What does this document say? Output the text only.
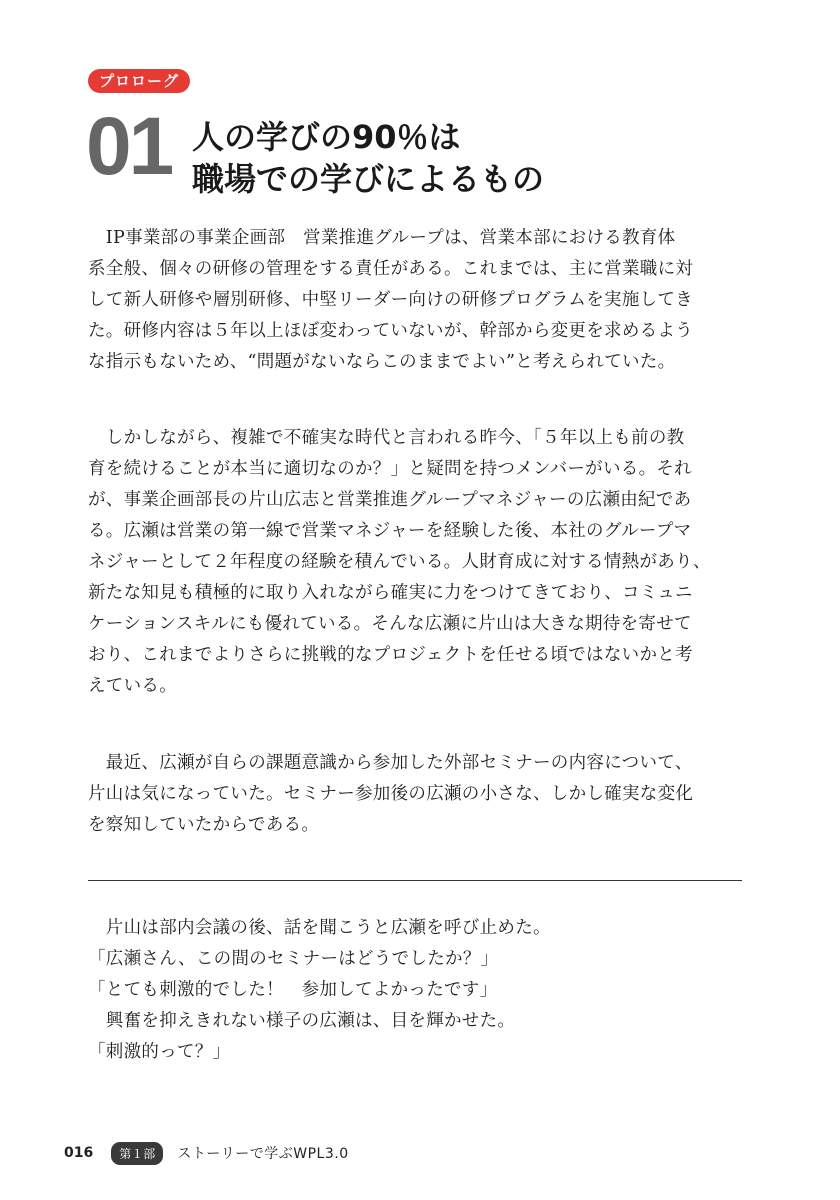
プロローグ
01 人の学びの90％は
職場での学びによるもの
　IP事業部の事業企画部　営業推進グループは、営業本部における教育体
系全般、個々の研修の管理をする責任がある。これまでは、主に営業職に対
して新人研修や層別研修、中堅リーダー向けの研修プログラムを実施してき
た。研修内容は５年以上ほぼ変わっていないが、幹部から変更を求めるよう
な指示もないため、“問題がないならこのままでよい”と考えられていた。
　しかしながら、複雑で不確実な時代と言われる昨今、「５年以上も前の教
育を続けることが本当に適切なのか？」と疑問を持つメンバーがいる。それ
が、事業企画部長の片山広志と営業推進グループマネジャーの広瀬由紀であ
る。広瀬は営業の第一線で営業マネジャーを経験した後、本社のグループマ
ネジャーとして２年程度の経験を積んでいる。人財育成に対する情熱があり、
新たな知見も積極的に取り入れながら確実に力をつけてきており、コミュニ
ケーションスキルにも優れている。そんな広瀬に片山は大きな期待を寄せて
おり、これまでよりさらに挑戦的なプロジェクトを任せる頃ではないかと考
えている。
　最近、広瀬が自らの課題意識から参加した外部セミナーの内容について、
片山は気になっていた。セミナー参加後の広瀬の小さな、しかし確実な変化
を察知していたからである。
　片山は部内会議の後、話を聞こうと広瀬を呼び止めた。
「広瀬さん、この間のセミナーはどうでしたか？」
「とても刺激的でした！　参加してよかったです」
　興奮を抑えきれない様子の広瀬は、目を輝かせた。
「刺激的って？」
016	第１部	ストーリーで学ぶWPL3.0
